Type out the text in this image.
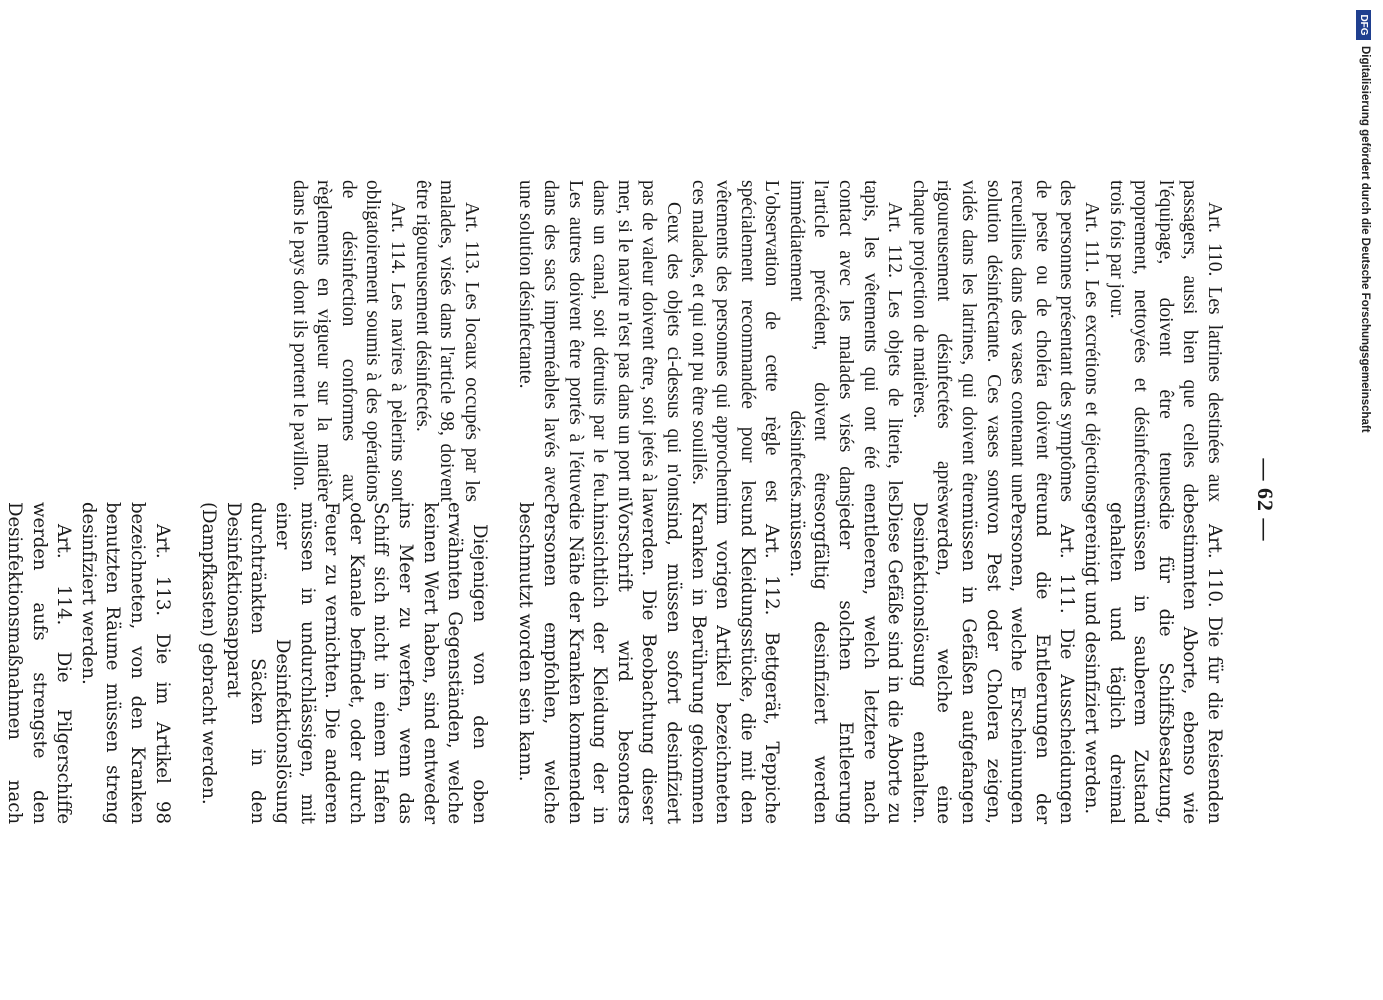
DFG
Digitalisierung gefördert durch die Deutsche Forschungsgemeinschaft
— 62 —

Art. 110. Les latrines destinées aux passagers, aussi bien que celles de l'équipage, doivent être tenues proprement, nettoyées et désinfectées trois fois par jour.

Art. 111. Les excrétions et déjections des personnes présentant des symptômes de peste ou de choléra doivent être recueillies dans des vases contenant une solution désinfectante. Ces vases sont vidés dans les latrines, qui doivent être rigoureusement désinfectées après chaque projection de matières.

Art. 112. Les objets de literie, les tapis, les vêtements qui ont été en contact avec les malades visés dans l'article précédent, doivent être immédiatement désinfectés. L'observation de cette règle est spécialement recommandée pour les vêtements des personnes qui approchent ces malades, et qui ont pu être souillés.

Ceux des objets ci-dessus qui n'ont pas de valeur doivent être, soit jetés à la mer, si le navire n'est pas dans un port ni dans un canal, soit détruits par le feu. Les autres doivent être portés à l'étuve dans des sacs imperméables lavés avec une solution désinfectante.

Art. 113. Les locaux occupés par les malades, visés dans l'article 98, doivent être rigoureusement désinfectés.

Art. 114. Les navires à pèlerins sont obligatoirement soumis à des opérations de désinfection conformes aux règlements en vigueur sur la matière dans le pays dont ils portent le pavillon.

Art. 110. Die für die Reisenden bestimmten Aborte, ebenso wie die für die Schiffsbesatzung, müssen in sauberem Zustand gehalten und täglich dreimal gereinigt und desinfiziert werden.

Art. 111. Die Ausscheidungen und die Entleerungen der Personen, welche Erscheinungen von Pest oder Cholera zeigen, müssen in Gefäßen aufgefangen werden, welche eine Desinfektionslösung enthalten. Diese Gefäße sind in die Aborte zu entleeren, welch letztere nach jeder solchen Entleerung sorgfältig desinfiziert werden müssen.

Art. 112. Bettgerät, Teppiche und Kleidungsstücke, die mit den im vorigen Artikel bezeichneten Kranken in Berührung gekommen sind, müssen sofort desinfiziert werden. Die Beobachtung dieser Vorschrift wird besonders hinsichtlich der Kleidung der in die Nähe der Kranken kommenden Personen empfohlen, welche beschmutzt worden sein kann.

Diejenigen von den oben erwähnten Gegenständen, welche keinen Wert haben, sind entweder ins Meer zu werfen, wenn das Schiff sich nicht in einem Hafen oder Kanale befindet, oder durch Feuer zu vernichten. Die anderen müssen in undurchlässigen, mit einer Desinfektionslösung durchtränkten Säcken in den Desinfektionsapparat (Dampfkasten) gebracht werden.

Art. 113. Die im Artikel 98 bezeichneten, von den Kranken benutzten Räume müssen streng desinfiziert werden.

Art. 114. Die Pilgerschiffe werden aufs strengste den Desinfektionsmaßnahmen nach
